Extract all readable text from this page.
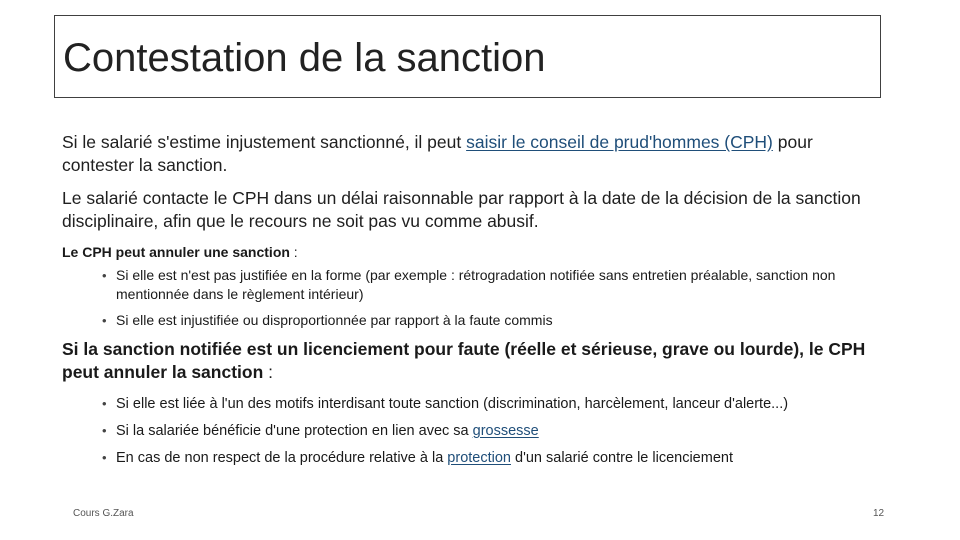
Contestation de la sanction

Si le salarié s'estime injustement sanctionné, il peut saisir le conseil de prud'hommes (CPH) pour contester la sanction.

Le salarié contacte le CPH dans un délai raisonnable par rapport à la date de la décision de la sanction disciplinaire, afin que le recours ne soit pas vu comme abusif.

Le CPH peut annuler une sanction :
• Si elle est n'est pas justifiée en la forme (par exemple : rétrogradation notifiée sans entretien préalable, sanction non mentionnée dans le règlement intérieur)
• Si elle est injustifiée ou disproportionnée par rapport à la faute commis
Si la sanction notifiée est un licenciement pour faute (réelle et sérieuse, grave ou lourde), le CPH peut annuler la sanction :
• Si elle est liée à l'un des motifs interdisant toute sanction (discrimination, harcèlement, lanceur d'alerte...)
• Si la salariée bénéficie d'une protection en lien avec sa grossesse
• En cas de non respect de la procédure relative à la protection d'un salarié contre le licenciement
Cours G.Zara	12
